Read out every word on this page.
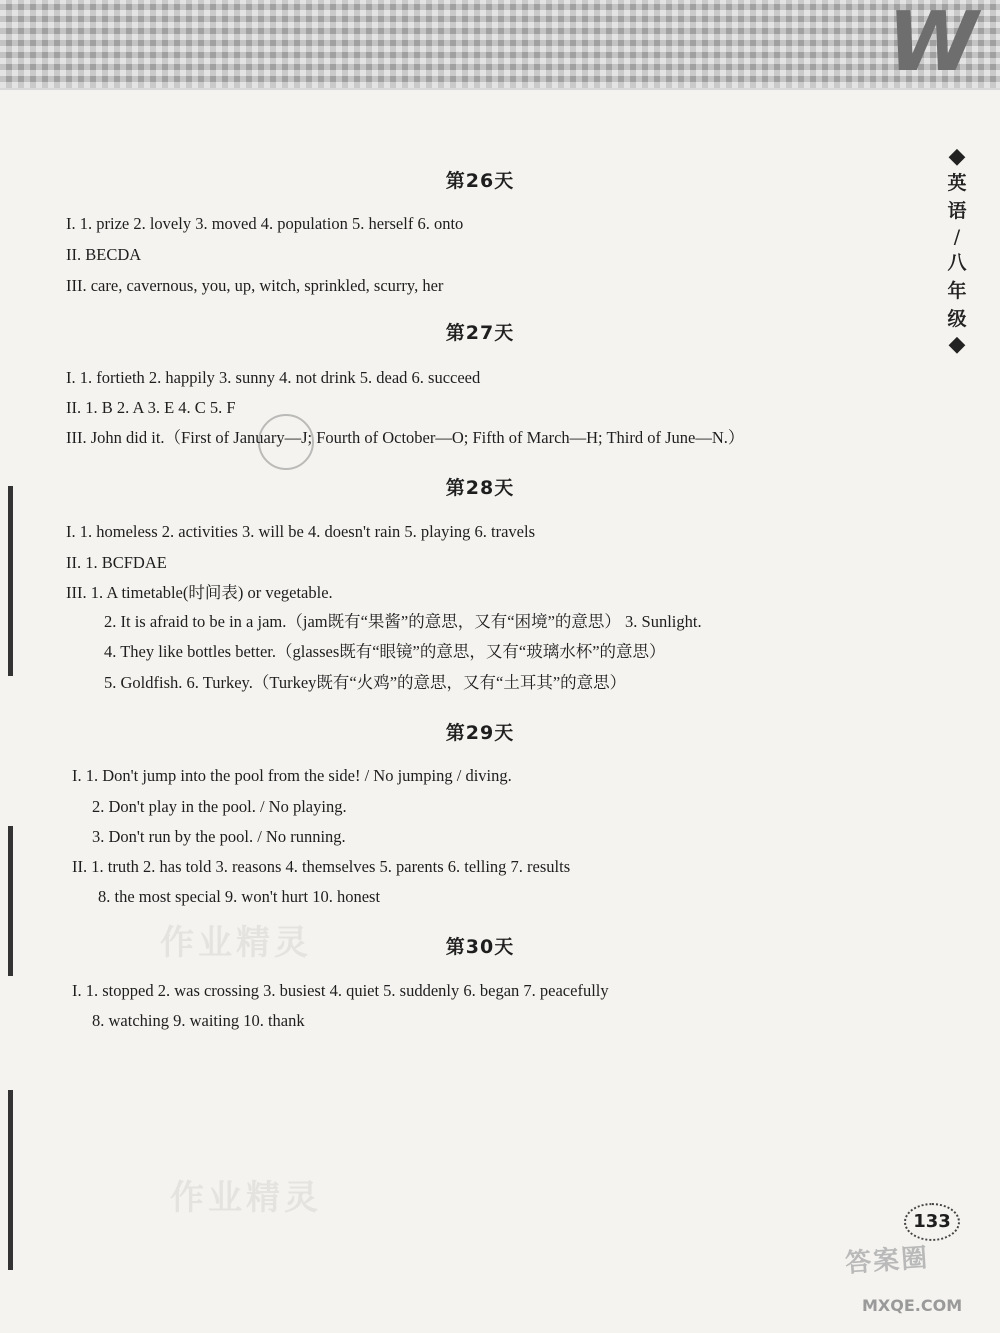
W
◆
英
语
/
八
年
级
◆
作业精灵
作业精灵
第26天
I. 1. prize 2. lovely 3. moved 4. population 5. herself 6. onto
II. BECDA
III. care, cavernous, you, up, witch, sprinkled, scurry, her
第27天
I. 1. fortieth 2. happily 3. sunny 4. not drink 5. dead 6. succeed
II. 1. B 2. A 3. E 4. C 5. F
III. John did it.（First of January—J; Fourth of October—O; Fifth of March—H; Third of June—N.）
第28天
I. 1. homeless 2. activities 3. will be 4. doesn't rain 5. playing 6. travels
II. 1. BCFDAE
III. 1. A timetable(时间表) or vegetable.
2. It is afraid to be in a jam.（jam既有“果酱”的意思，又有“困境”的意思） 3. Sunlight.
4. They like bottles better.（glasses既有“眼镜”的意思，又有“玻璃水杯”的意思）
5. Goldfish. 6. Turkey.（Turkey既有“火鸡”的意思，又有“土耳其”的意思）
第29天
I. 1. Don't jump into the pool from the side! / No jumping / diving.
2. Don't play in the pool. / No playing.
3. Don't run by the pool. / No running.
II. 1. truth 2. has told 3. reasons 4. themselves 5. parents 6. telling 7. results
8. the most special 9. won't hurt 10. honest
第30天
I. 1. stopped 2. was crossing 3. busiest 4. quiet 5. suddenly 6. began 7. peacefully
8. watching 9. waiting 10. thank
133
答案圈
MXQE.COM
